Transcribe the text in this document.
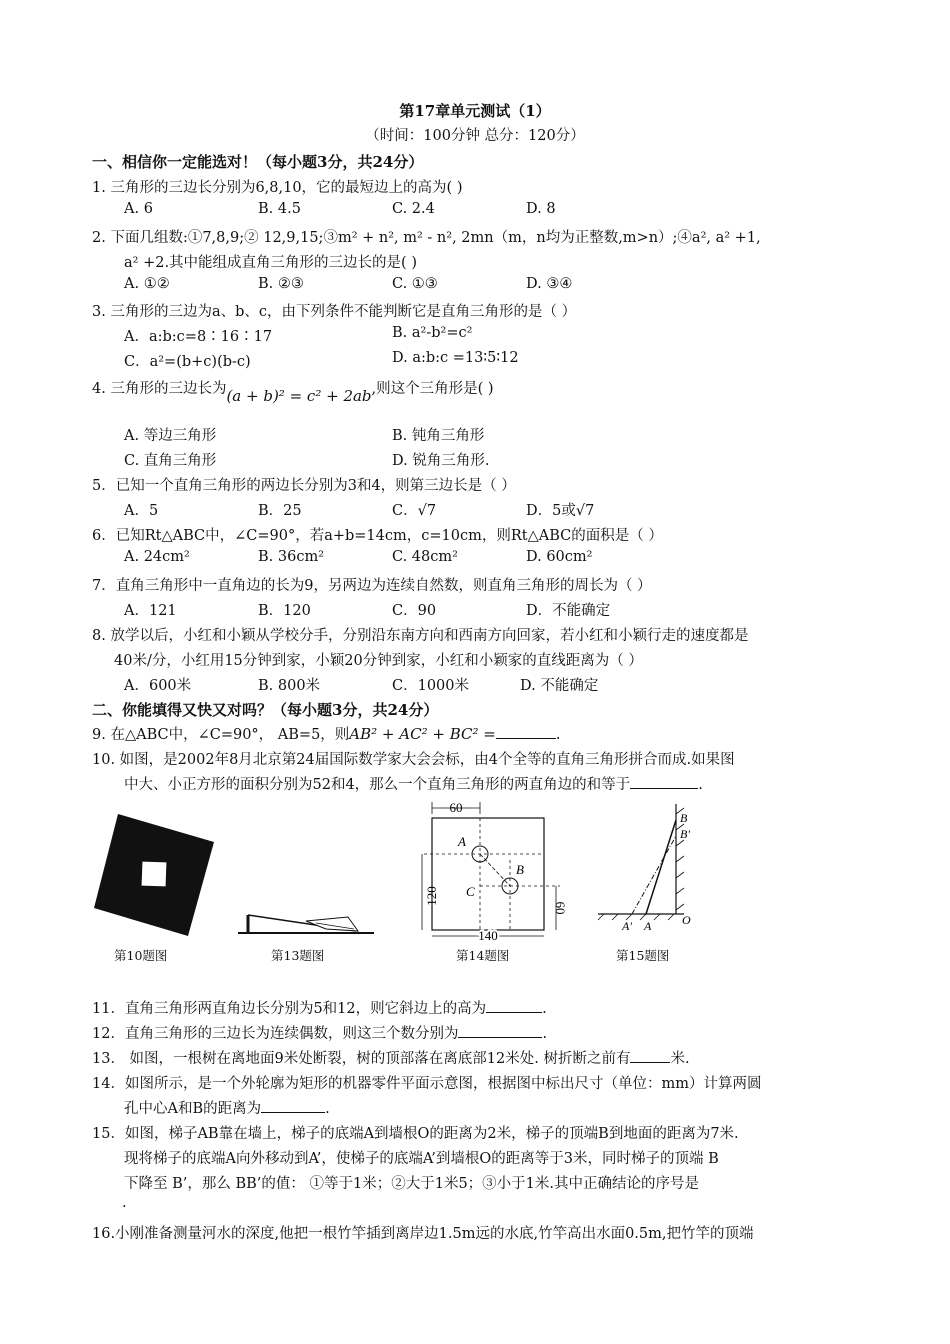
第17章单元测试（1）
（时间：100分钟 总分：120分）
一、相信你一定能选对！（每小题3分，共24分）
1. 三角形的三边长分别为6,8,10，它的最短边上的高为( )
A. 6	B. 4.5	C. 2.4	D. 8
2. 下面几组数:①7,8,9;② 12,9,15;③m² + n², m² - n², 2mn（m，n均为正整数,m>n）;④a², a² +1,
a² +2.其中能组成直角三角形的三边长的是( )
A. ①②	B. ②③	C. ①③	D. ③④
3. 三角形的三边为a、b、c，由下列条件不能判断它是直角三角形的是（ ）
A．a:b:c=8∶16∶17	B. a²-b²=c²
C．a²=(b+c)(b-c)	D. a:b:c =13∶5∶12
4. 三角形的三边长为(a + b)² = c² + 2ab,则这个三角形是( )
A. 等边三角形	B. 钝角三角形
C. 直角三角形	D. 锐角三角形.
5．已知一个直角三角形的两边长分别为3和4，则第三边长是（ ）
A．5	B．25	C．√7	D．5或√7
6．已知Rt△ABC中，∠C=90°，若a+b=14cm，c=10cm，则Rt△ABC的面积是（ ）
A. 24cm²	B. 36cm²	C. 48cm²	D. 60cm²
7．直角三角形中一直角边的长为9，另两边为连续自然数，则直角三角形的周长为（ ）
A．121	B．120	C．90	D．不能确定
8. 放学以后，小红和小颖从学校分手，分别沿东南方向和西南方向回家，若小红和小颖行走的速度都是
40米/分，小红用15分钟到家，小颖20分钟到家，小红和小颖家的直线距离为（ ）
A．600米	B. 800米	C．1000米	D. 不能确定
二、你能填得又快又对吗？（每小题3分，共24分）
9. 在△ABC中，∠C=90°， AB=5，则AB² + AC² + BC² =	.
10. 如图，是2002年8月北京第24届国际数学家大会会标，由4个全等的直角三角形拼合而成.如果图
中大、小正方形的面积分别为52和4，那么一个直角三角形的两直角边的和等于	.
第10题图	第13题图
60
A
B
C
120
60
140
第14题图
B
B'
A' A	O
第15题图
11．直角三角形两直角边长分别为5和12，则它斜边上的高为	.
12．直角三角形的三边长为连续偶数，则这三个数分别为	.
13． 如图，一根树在离地面9米处断裂，树的顶部落在离底部12米处. 树折断之前有	米.
14．如图所示，是一个外轮廓为矩形的机器零件平面示意图，根据图中标出尺寸（单位：mm）计算两圆
孔中心A和B的距离为	.
15．如图，梯子AB靠在墙上，梯子的底端A到墙根O的距离为2米，梯子的顶端B到地面的距离为7米.
现将梯子的底端A向外移动到A’，使梯子的底端A’到墙根O的距离等于3米，同时梯子的顶端 B
下降至 B’，那么 BB’的值： ①等于1米；②大于1米5；③小于1米.其中正确结论的序号是
.
16.小刚准备测量河水的深度,他把一根竹竿插到离岸边1.5m远的水底,竹竿高出水面0.5m,把竹竿的顶端
